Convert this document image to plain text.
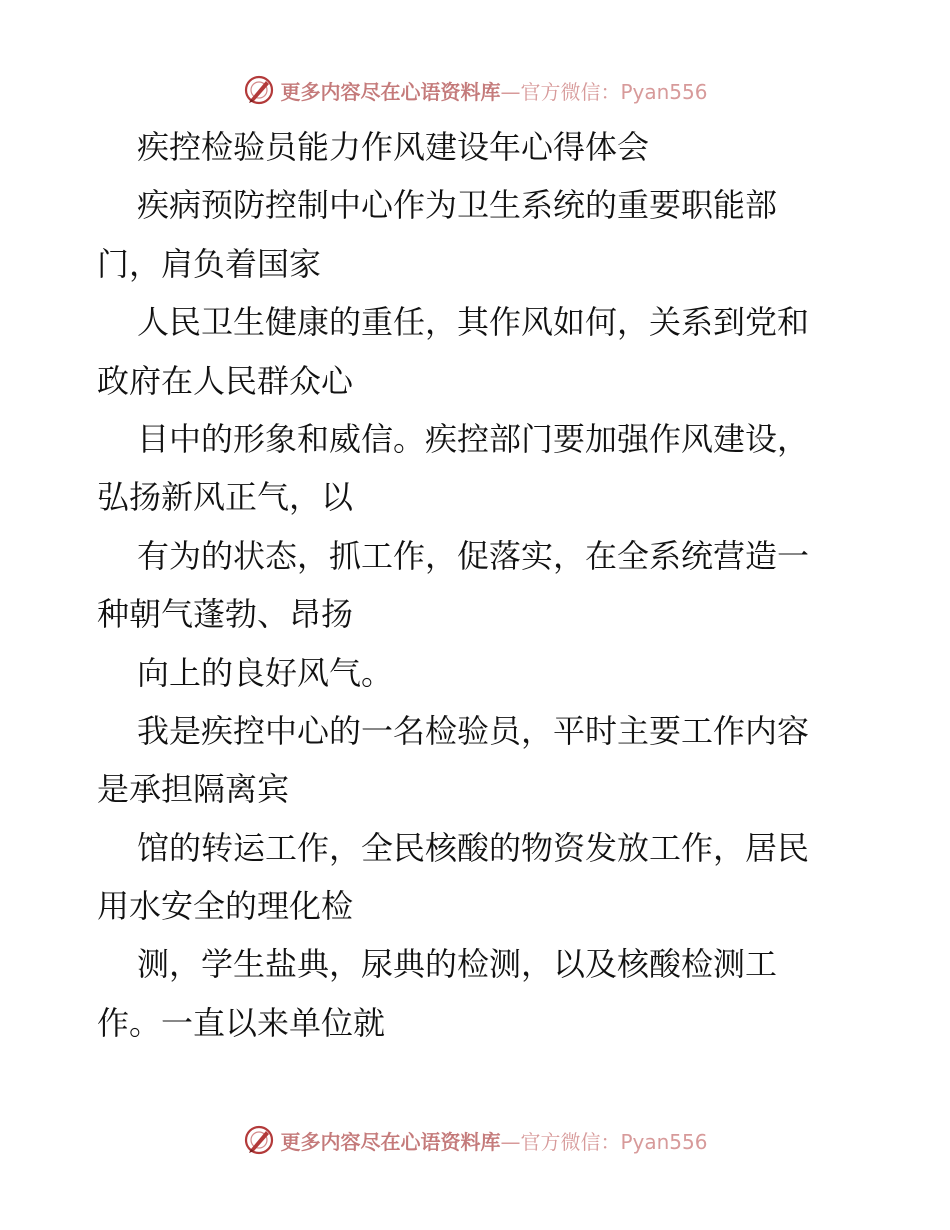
更多内容尽在心语资料库—官方微信：Pyan556
疾控检验员能力作风建设年心得体会
疾病预防控制中心作为卫生系统的重要职能部
门，肩负着国家
人民卫生健康的重任，其作风如何，关系到党和
政府在人民群众心
目中的形象和威信。疾控部门要加强作风建设，
弘扬新风正气，以
有为的状态，抓工作，促落实，在全系统营造一
种朝气蓬勃、昂扬
向上的良好风气。
我是疾控中心的一名检验员，平时主要工作内容
是承担隔离宾
馆的转运工作，全民核酸的物资发放工作，居民
用水安全的理化检
测，学生盐典，尿典的检测，以及核酸检测工
作。一直以来单位就
更多内容尽在心语资料库—官方微信：Pyan556
